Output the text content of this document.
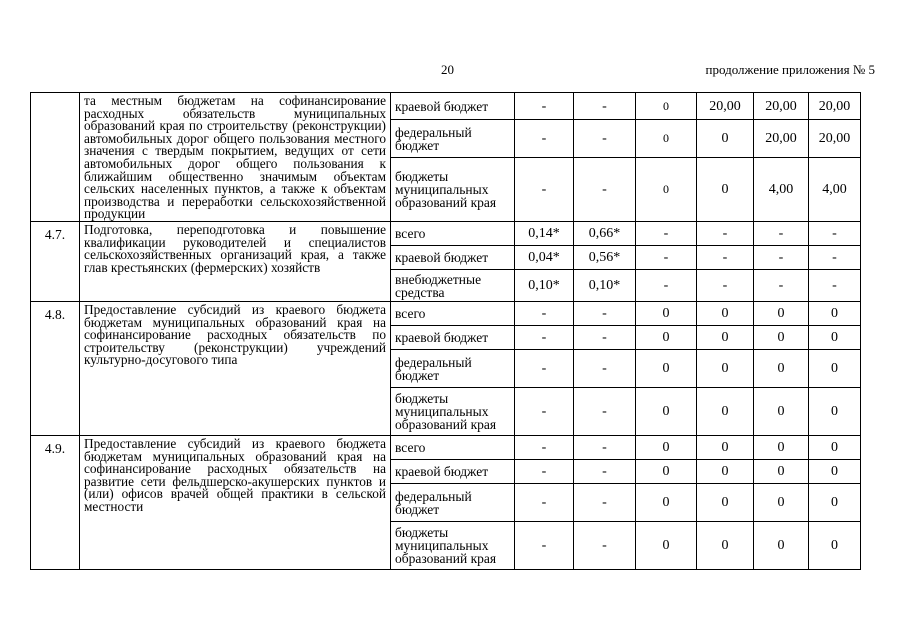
20	продолжение приложения № 5
	та местным бюджетам на софинансирование расходных обязательств муниципальных образований края по строительству (реконструкции) автомобильных дорог общего пользования местного значения с твердым покрытием, ведущих от сети автомобильных дорог общего пользования к ближайшим общественно значимым объектам сельских населенных пунктов, а также к объектам производства и переработки сельскохозяйственной продукции	краевой бюджет	-	-	0	20,00	20,00	20,00
		федеральный бюджет	-	-	0	0	20,00	20,00
		бюджеты муниципальных образований края	-	-	0	0	4,00	4,00
4.7.	Подготовка, переподготовка и повышение квалификации руководителей и специалистов сельскохозяйственных организаций края, а также глав крестьянских (фермерских) хозяйств	всего	0,14*	0,66*	-	-	-	-
		краевой бюджет	0,04*	0,56*	-	-	-	-
		внебюджетные средства	0,10*	0,10*	-	-	-	-
4.8.	Предоставление субсидий из краевого бюджета бюджетам муниципальных образований края на софинансирование расходных обязательств по строительству (реконструкции) учреждений культурно-досугового типа	всего	-	-	0	0	0	0
		краевой бюджет	-	-	0	0	0	0
		федеральный бюджет	-	-	0	0	0	0
		бюджеты муниципальных образований края	-	-	0	0	0	0
4.9.	Предоставление субсидий из краевого бюджета бюджетам муниципальных образований края на софинансирование расходных обязательств на развитие сети фельдшерско-акушерских пунктов и (или) офисов врачей общей практики в сельской местности	всего	-	-	0	0	0	0
		краевой бюджет	-	-	0	0	0	0
		федеральный бюджет	-	-	0	0	0	0
		бюджеты муниципальных образований края	-	-	0	0	0	0
